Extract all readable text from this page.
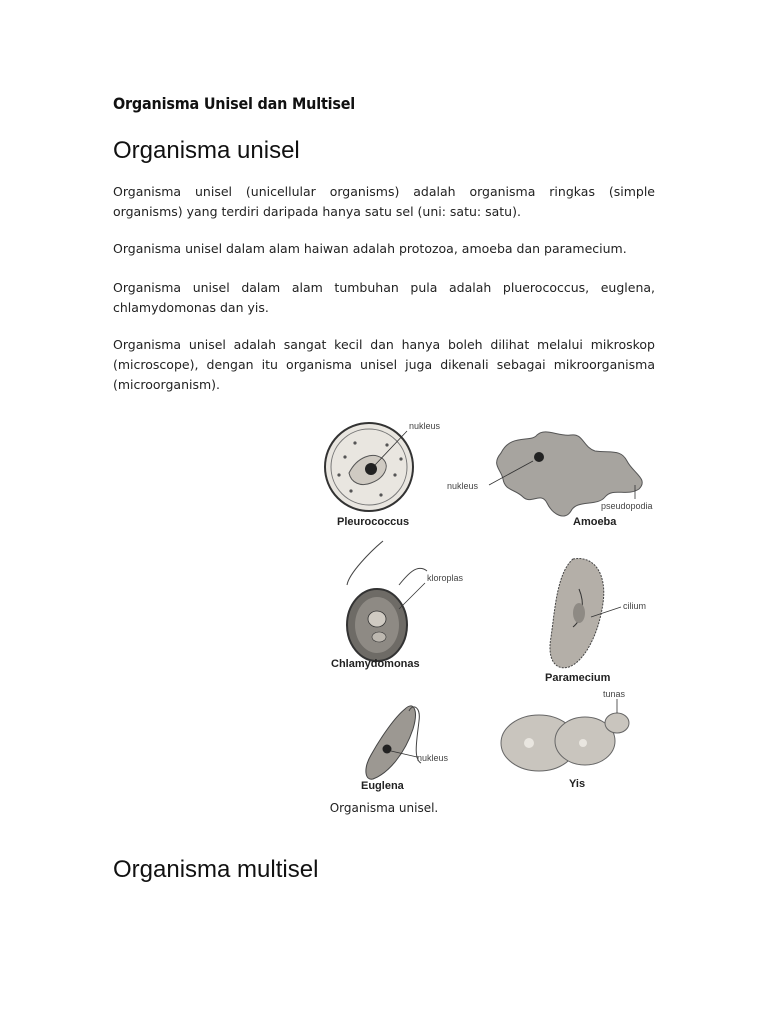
Organisma Unisel dan Multisel
Organisma unisel

Organisma unisel (unicellular organisms) adalah organisma ringkas (simple organisms) yang terdiri daripada hanya satu sel (uni: satu: satu).

Organisma unisel dalam alam haiwan adalah protozoa, amoeba dan paramecium.

Organisma unisel dalam alam tumbuhan pula adalah pluerococcus, euglena, chlamydomonas dan yis.

Organisma unisel adalah sangat kecil dan hanya boleh dilihat melalui mikroskop (microscope), dengan itu organisma unisel juga dikenali sebagai mikroorganisma (microorganism).

nukleus
Pleurococcus
nukleus
pseudopodia
Amoeba
kloroplas
Chlamydomonas
cilium
Paramecium
nukleus
Euglena
tunas
Yis

Organisma unisel.

Organisma multisel
